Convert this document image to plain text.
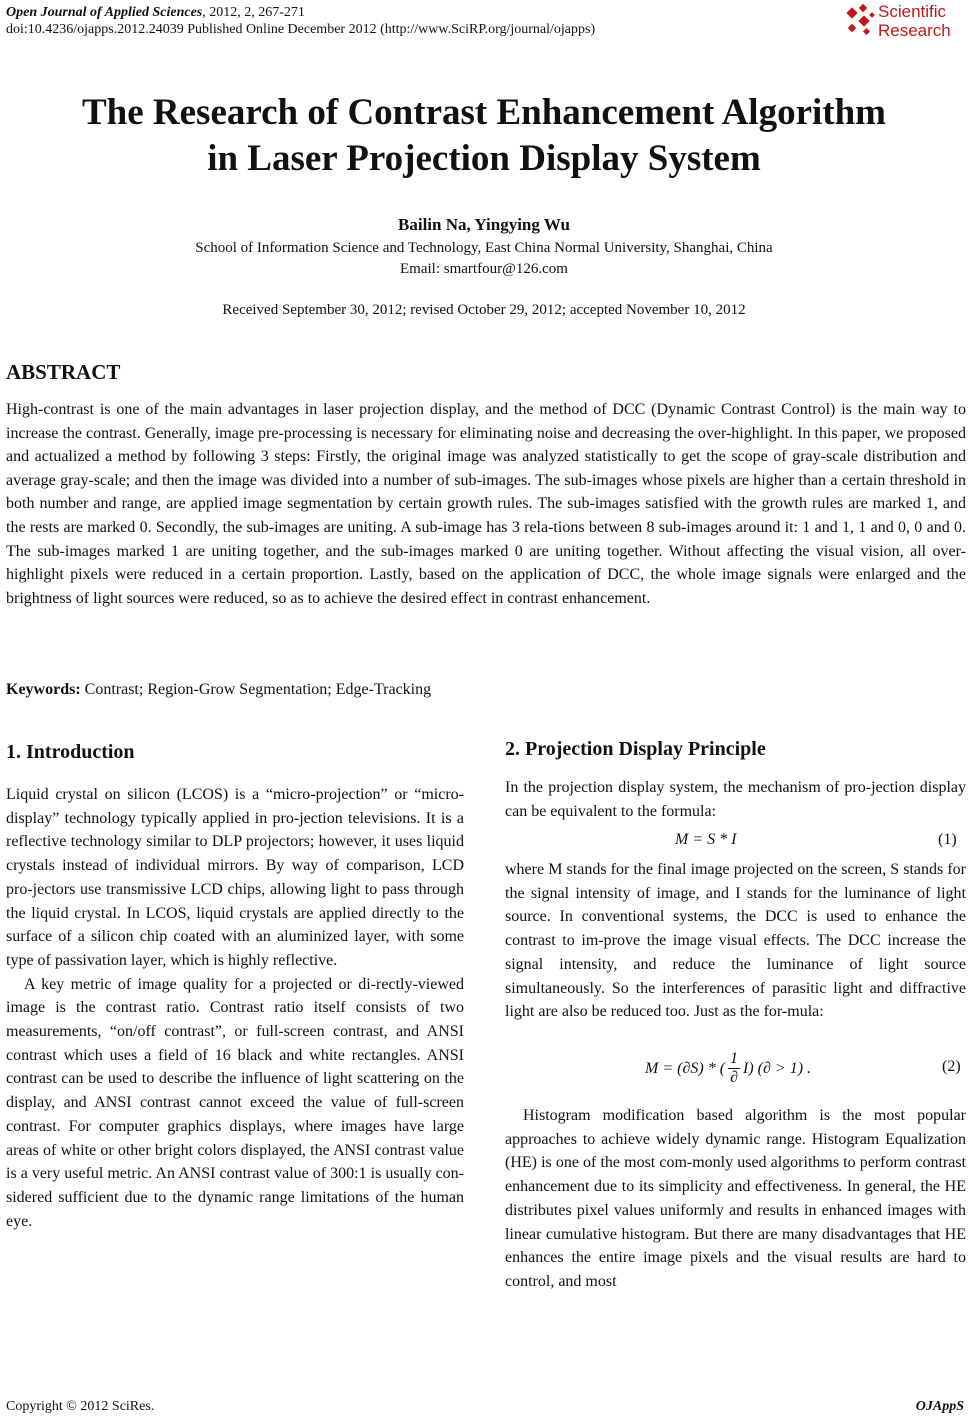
Open Journal of Applied Sciences, 2012, 2, 267-271
doi:10.4236/ojapps.2012.24039 Published Online December 2012 (http://www.SciRP.org/journal/ojapps)
Scientific
Research
The Research of Contrast Enhancement Algorithm
in Laser Projection Display System
Bailin Na, Yingying Wu
School of Information Science and Technology, East China Normal University, Shanghai, China
Email: smartfour@126.com
Received September 30, 2012; revised October 29, 2012; accepted November 10, 2012
ABSTRACT
High-contrast is one of the main advantages in laser projection display, and the method of DCC (Dynamic Contrast Control) is the main way to increase the contrast. Generally, image pre-processing is necessary for eliminating noise and decreasing the over-highlight. In this paper, we proposed and actualized a method by following 3 steps: Firstly, the original image was analyzed statistically to get the scope of gray-scale distribution and average gray-scale; and then the image was divided into a number of sub-images. The sub-images whose pixels are higher than a certain threshold in both number and range, are applied image segmentation by certain growth rules. The sub-images satisfied with the growth rules are marked 1, and the rests are marked 0. Secondly, the sub-images are uniting. A sub-image has 3 rela-tions between 8 sub-images around it: 1 and 1, 1 and 0, 0 and 0. The sub-images marked 1 are uniting together, and the sub-images marked 0 are uniting together. Without affecting the visual vision, all over-highlight pixels were reduced in a certain proportion. Lastly, based on the application of DCC, the whole image signals were enlarged and the brightness of light sources were reduced, so as to achieve the desired effect in contrast enhancement.
Keywords: Contrast; Region-Grow Segmentation; Edge-Tracking
1. Introduction

Liquid crystal on silicon (LCOS) is a “micro-projection” or “micro-display” technology typically applied in pro-jection televisions. It is a reflective technology similar to DLP projectors; however, it uses liquid crystals instead of individual mirrors. By way of comparison, LCD pro-jectors use transmissive LCD chips, allowing light to pass through the liquid crystal. In LCOS, liquid crystals are applied directly to the surface of a silicon chip coated with an aluminized layer, with some type of passivation layer, which is highly reflective.

A key metric of image quality for a projected or di-rectly-viewed image is the contrast ratio. Contrast ratio itself consists of two measurements, “on/off contrast”, or full-screen contrast, and ANSI contrast which uses a field of 16 black and white rectangles. ANSI contrast can be used to describe the influence of light scattering on the display, and ANSI contrast cannot exceed the value of full-screen contrast. For computer graphics displays, where images have large areas of white or other bright colors displayed, the ANSI contrast value is a very useful metric. An ANSI contrast value of 300:1 is usually con-sidered sufficient due to the dynamic range limitations of the human eye.

2. Projection Display Principle
In the projection display system, the mechanism of pro-jection display can be equivalent to the formula:
M = S * I	(1)
where M stands for the final image projected on the screen, S stands for the signal intensity of image, and I stands for the luminance of light source. In conventional systems, the DCC is used to enhance the contrast to im-prove the image visual effects. The DCC increase the signal intensity, and reduce the luminance of light source simultaneously. So the interferences of parasitic light and diffractive light are also be reduced too. Just as the for-mula:
M = (∂S) * (
1
∂
I) (∂ > 1) .	(2)
Histogram modification based algorithm is the most popular approaches to achieve widely dynamic range. Histogram Equalization (HE) is one of the most com-monly used algorithms to perform contrast enhancement due to its simplicity and effectiveness. In general, the HE distributes pixel values uniformly and results in enhanced images with linear cumulative histogram. But there are many disadvantages that HE enhances the entire image pixels and the visual results are hard to control, and most
Copyright © 2012 SciRes.	OJAppS
